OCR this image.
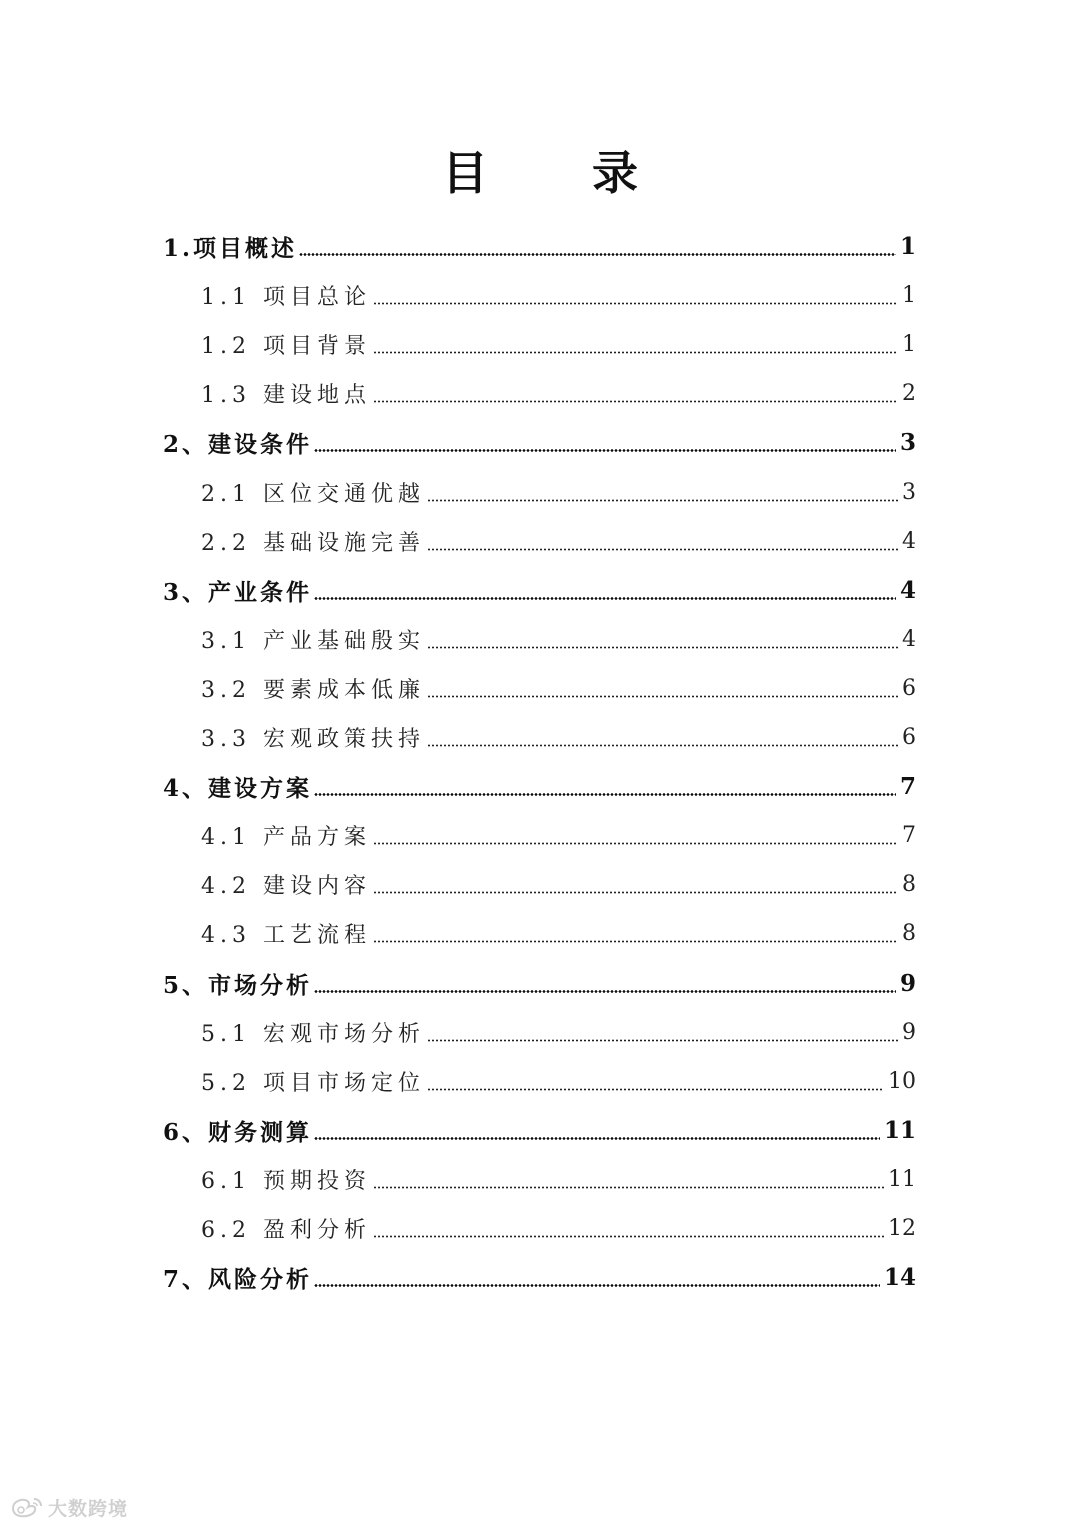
目 录
1.项目概述	1
1.1 项目总论	1
1.2 项目背景	1
1.3 建设地点	2
2、建设条件	3
2.1 区位交通优越	3
2.2 基础设施完善	4
3、产业条件	4
3.1 产业基础殷实	4
3.2 要素成本低廉	6
3.3 宏观政策扶持	6
4、建设方案	7
4.1 产品方案	7
4.2 建设内容	8
4.3 工艺流程	8
5、市场分析	9
5.1 宏观市场分析	9
5.2 项目市场定位	10
6、财务测算	11
6.1 预期投资	11
6.2 盈利分析	12
7、风险分析	14
大数跨境
